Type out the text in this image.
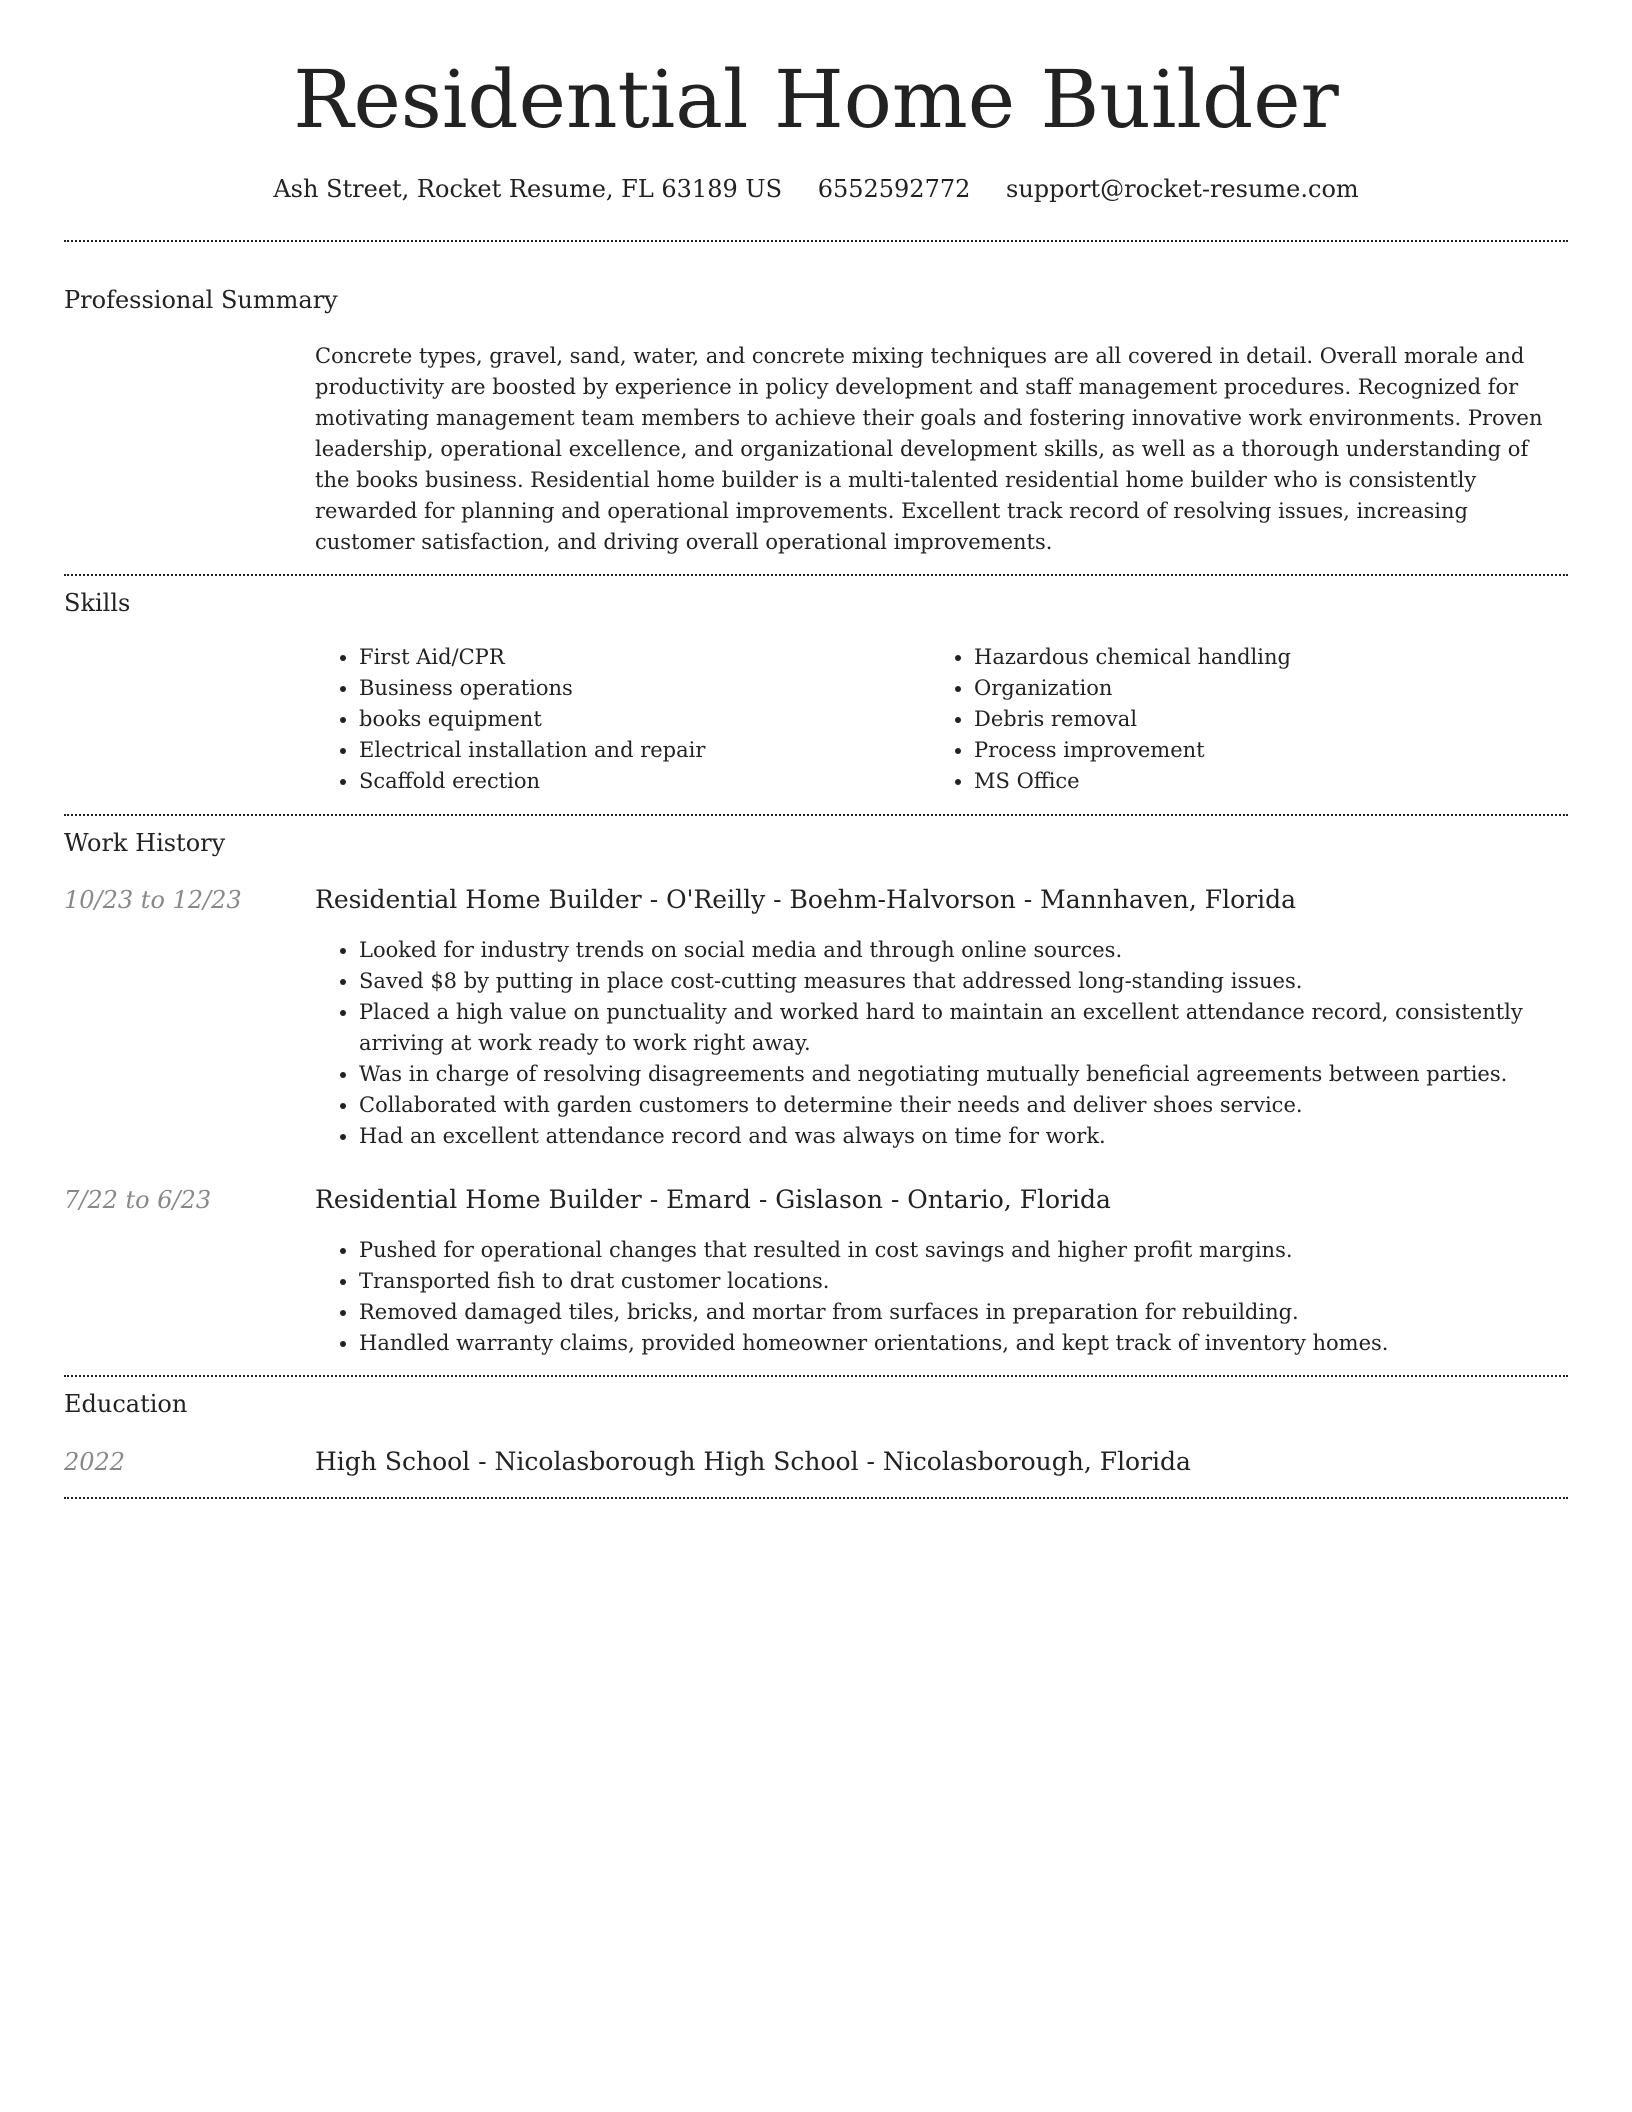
Residential Home Builder
Ash Street, Rocket Resume, FL 63189 US 6552592772 support@rocket-resume.com
Professional Summary

Concrete types, gravel, sand, water, and concrete mixing techniques are all covered in detail. Overall morale and productivity are boosted by experience in policy development and staff management procedures. Recognized for motivating management team members to achieve their goals and fostering innovative work environments. Proven leadership, operational excellence, and organizational development skills, as well as a thorough understanding of the books business. Residential home builder is a multi-talented residential home builder who is consistently rewarded for planning and operational improvements. Excellent track record of resolving issues, increasing customer satisfaction, and driving overall operational improvements.

Skills
• First Aid/CPR
• Business operations
• books equipment
• Electrical installation and repair
• Scaffold erection
• Hazardous chemical handling
• Organization
• Debris removal
• Process improvement
• MS Office
Work History
10/23 to 12/23	Residential Home Builder - O'Reilly - Boehm-Halvorson - Mannhaven, Florida
• Looked for industry trends on social media and through online sources.
• Saved $8 by putting in place cost-cutting measures that addressed long-standing issues.
• Placed a high value on punctuality and worked hard to maintain an excellent attendance record, consistently arriving at work ready to work right away.
• Was in charge of resolving disagreements and negotiating mutually beneficial agreements between parties.
• Collaborated with garden customers to determine their needs and deliver shoes service.
• Had an excellent attendance record and was always on time for work.
7/22 to 6/23	Residential Home Builder - Emard - Gislason - Ontario, Florida
• Pushed for operational changes that resulted in cost savings and higher profit margins.
• Transported fish to drat customer locations.
• Removed damaged tiles, bricks, and mortar from surfaces in preparation for rebuilding.
• Handled warranty claims, provided homeowner orientations, and kept track of inventory homes.
Education
2022	High School - Nicolasborough High School - Nicolasborough, Florida
